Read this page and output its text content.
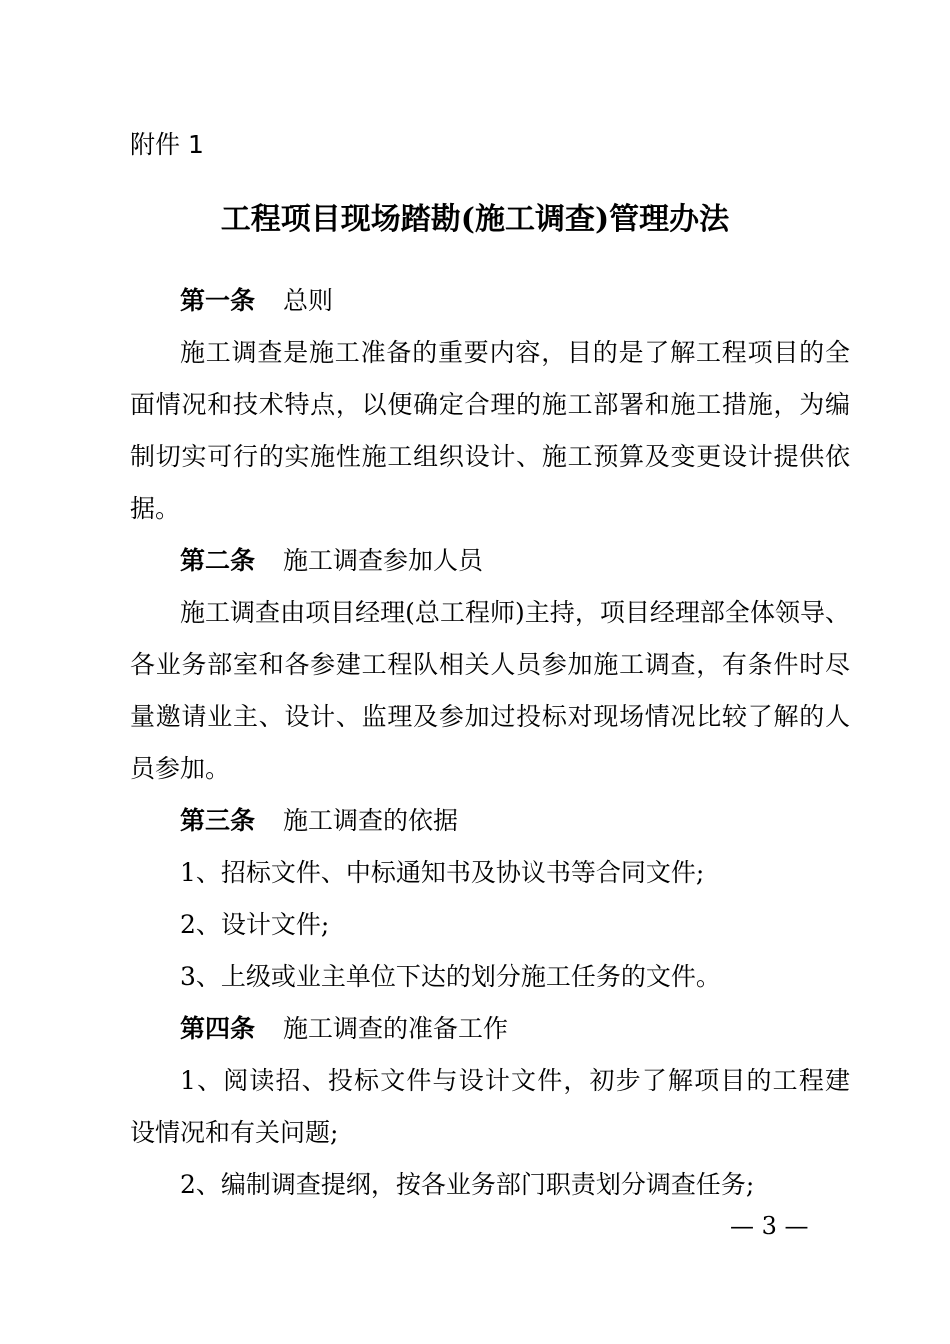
附件 1
工程项目现场踏勘(施工调查)管理办法
第一条 总则
施工调查是施工准备的重要内容，目的是了解工程项目的全
面情况和技术特点，以便确定合理的施工部署和施工措施，为编
制切实可行的实施性施工组织设计、施工预算及变更设计提供依
据。
第二条 施工调查参加人员
施工调查由项目经理(总工程师)主持，项目经理部全体领导、
各业务部室和各参建工程队相关人员参加施工调查，有条件时尽
量邀请业主、设计、监理及参加过投标对现场情况比较了解的人
员参加。
第三条 施工调查的依据
1、招标文件、中标通知书及协议书等合同文件;
2、设计文件;
3、上级或业主单位下达的划分施工任务的文件。
第四条 施工调查的准备工作
1、阅读招、投标文件与设计文件，初步了解项目的工程建
设情况和有关问题;
2、编制调查提纲，按各业务部门职责划分调查任务;
— 3 —
